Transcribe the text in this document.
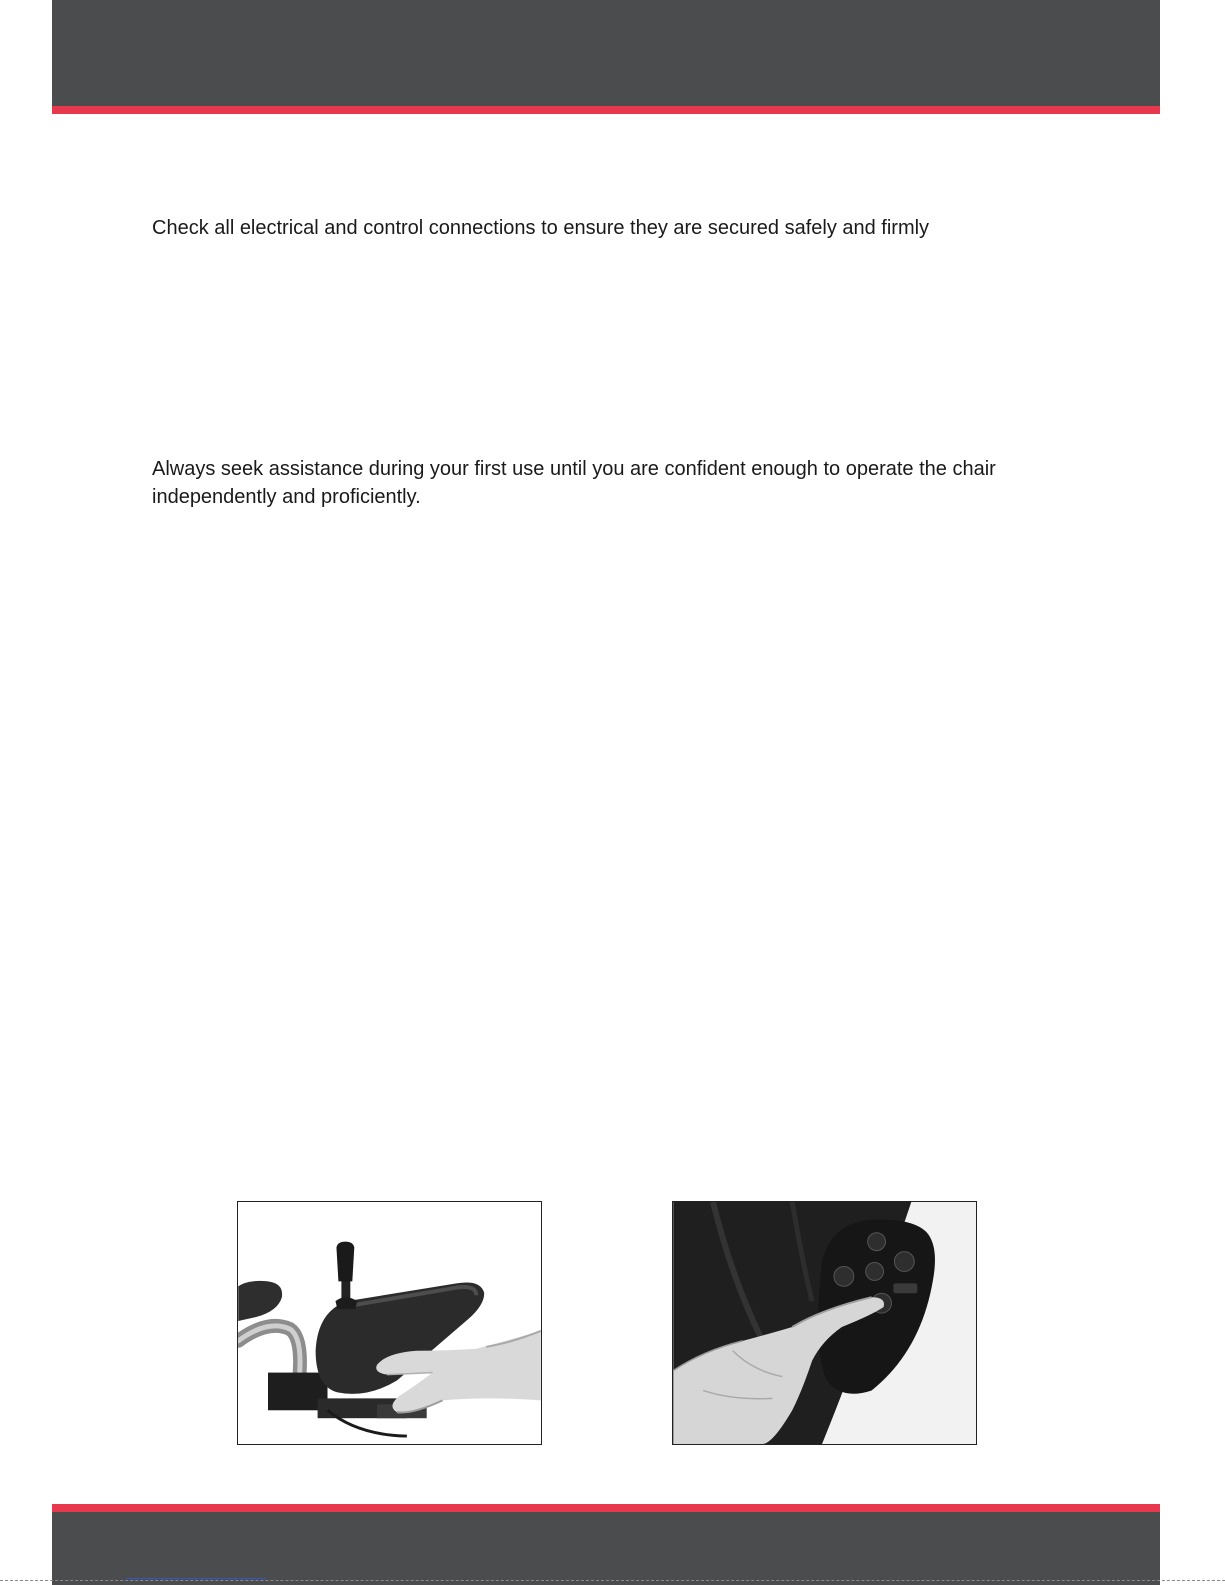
Check all electrical and control connections to ensure they are secured safely and firmly

Always seek assistance during your first use until you are confident enough to operate the chair independently and proficiently.
